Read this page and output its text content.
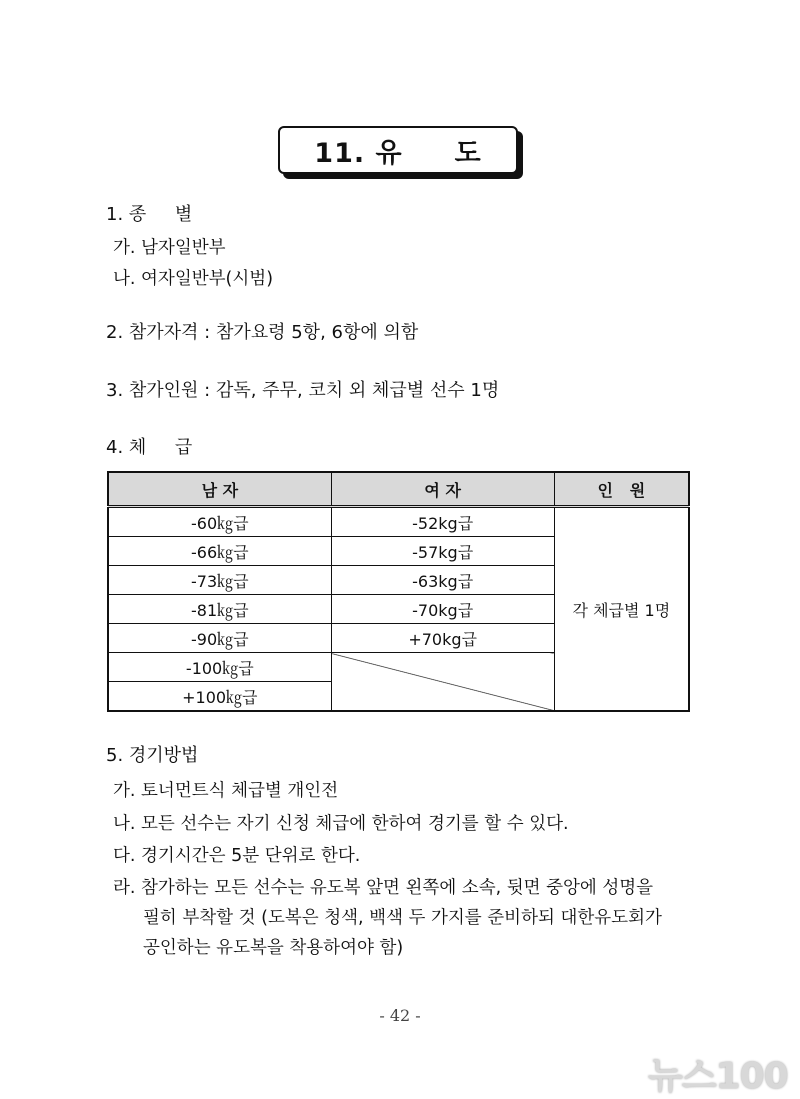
11. 유     도
1. 종     별
가. 남자일반부
나. 여자일반부(시범)
2. 참가자격 : 참가요령 5항, 6항에 의함
3. 참가인원 : 감독, 주무, 코치 외 체급별 선수 1명
4. 체     급
남 자	여 자	인   원
-60㎏급	-52kg급	각 체급별 1명
-66㎏급	-57kg급	
-73㎏급	-63kg급	
-81㎏급	-70kg급	
-90㎏급	+70kg급	
-100㎏급		
+100㎏급		
5. 경기방법
가. 토너먼트식 체급별 개인전
나. 모든 선수는 자기 신청 체급에 한하여 경기를 할 수 있다.
다. 경기시간은 5분 단위로 한다.
라. 참가하는 모든 선수는 유도복 앞면 왼쪽에 소속, 뒷면 중앙에 성명을
필히 부착할 것 (도복은 청색, 백색 두 가지를 준비하되 대한유도회가
공인하는 유도복을 착용하여야 함)
- 42 -
뉴스100
